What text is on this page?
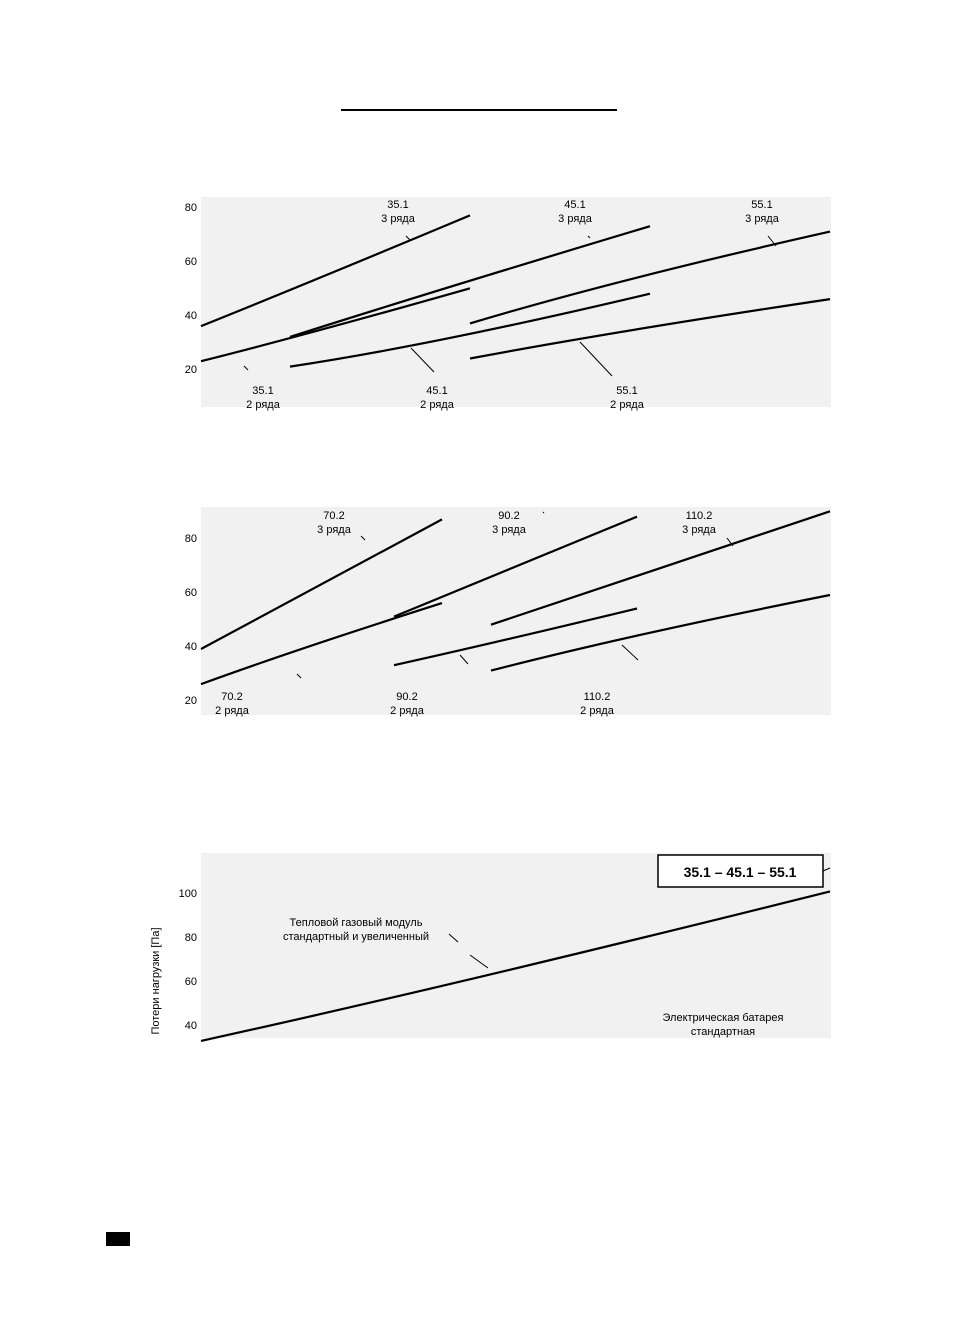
80
60
40
20
35.1
3 ряда
45.1
3 ряда
55.1
3 ряда
35.1
2 ряда
45.1
2 ряда
55.1
2 ряда
80
60
40
20
70.2
3 ряда
90.2
3 ряда
110.2
3 ряда
70.2
2 ряда
90.2
2 ряда
110.2
2 ряда
100
80
60
40
Тепловой газовый модуль
стандартный и увеличенный
Электрическая батарея
стандартная
Потери нагрузки [Па]
35.1 – 45.1 – 55.1
